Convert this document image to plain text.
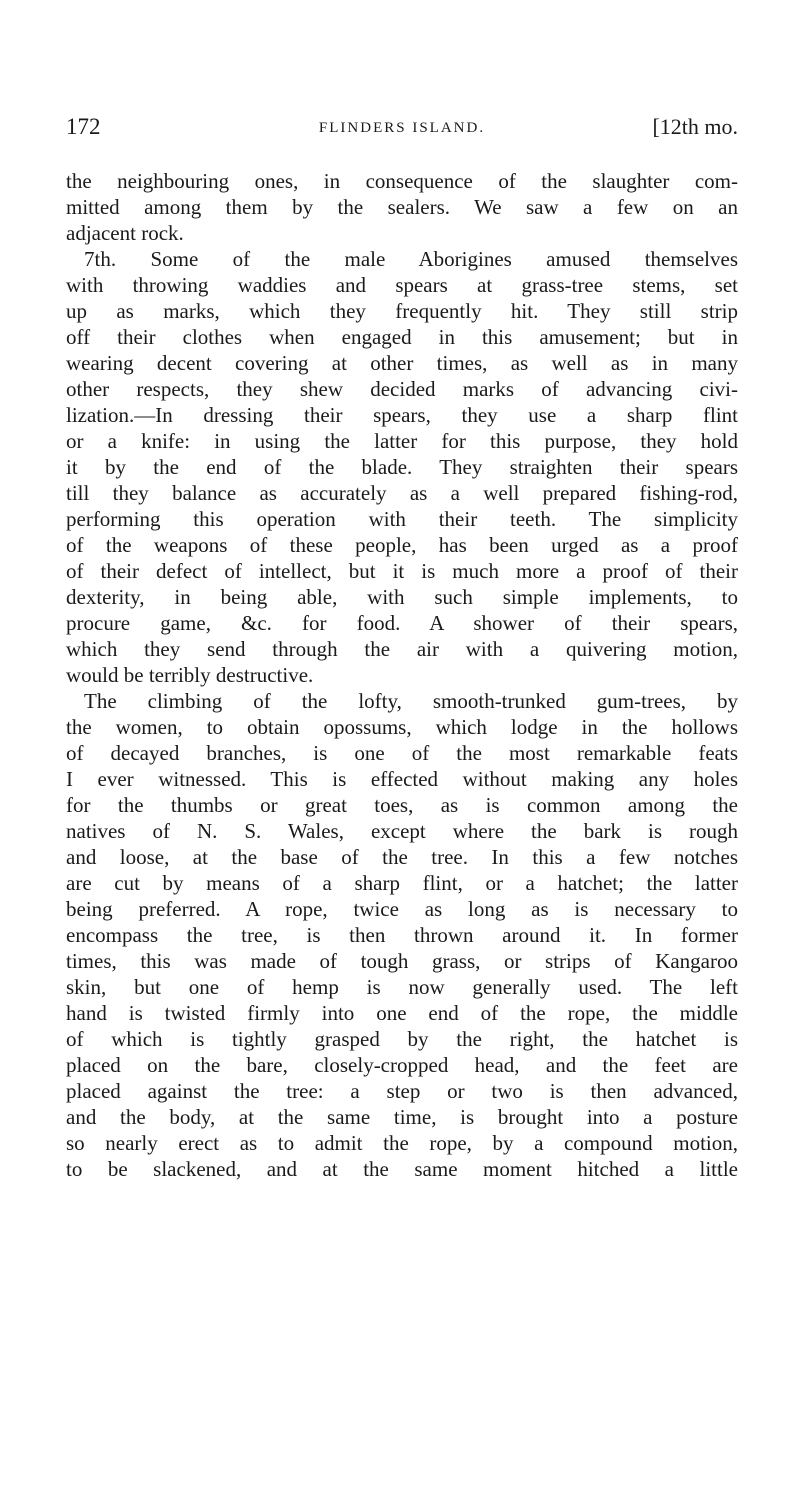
172	FLINDERS ISLAND.	[12th mo.
the neighbouring ones, in consequence of the slaughter com-
mitted among them by the sealers. We saw a few on an
adjacent rock.
7th. Some of the male Aborigines amused themselves
with throwing waddies and spears at grass-tree stems, set
up as marks, which they frequently hit. They still strip
off their clothes when engaged in this amusement; but in
wearing decent covering at other times, as well as in many
other respects, they shew decided marks of advancing civi-
lization.—In dressing their spears, they use a sharp flint
or a knife: in using the latter for this purpose, they hold
it by the end of the blade. They straighten their spears
till they balance as accurately as a well prepared fishing-rod,
performing this operation with their teeth. The simplicity
of the weapons of these people, has been urged as a proof
of their defect of intellect, but it is much more a proof of their
dexterity, in being able, with such simple implements, to
procure game, &c. for food. A shower of their spears,
which they send through the air with a quivering motion,
would be terribly destructive.
The climbing of the lofty, smooth-trunked gum-trees, by
the women, to obtain opossums, which lodge in the hollows
of decayed branches, is one of the most remarkable feats
I ever witnessed. This is effected without making any holes
for the thumbs or great toes, as is common among the
natives of N. S. Wales, except where the bark is rough
and loose, at the base of the tree. In this a few notches
are cut by means of a sharp flint, or a hatchet; the latter
being preferred. A rope, twice as long as is necessary to
encompass the tree, is then thrown around it. In former
times, this was made of tough grass, or strips of Kangaroo
skin, but one of hemp is now generally used. The left
hand is twisted firmly into one end of the rope, the middle
of which is tightly grasped by the right, the hatchet is
placed on the bare, closely-cropped head, and the feet are
placed against the tree: a step or two is then advanced,
and the body, at the same time, is brought into a posture
so nearly erect as to admit the rope, by a compound motion,
to be slackened, and at the same moment hitched a little
